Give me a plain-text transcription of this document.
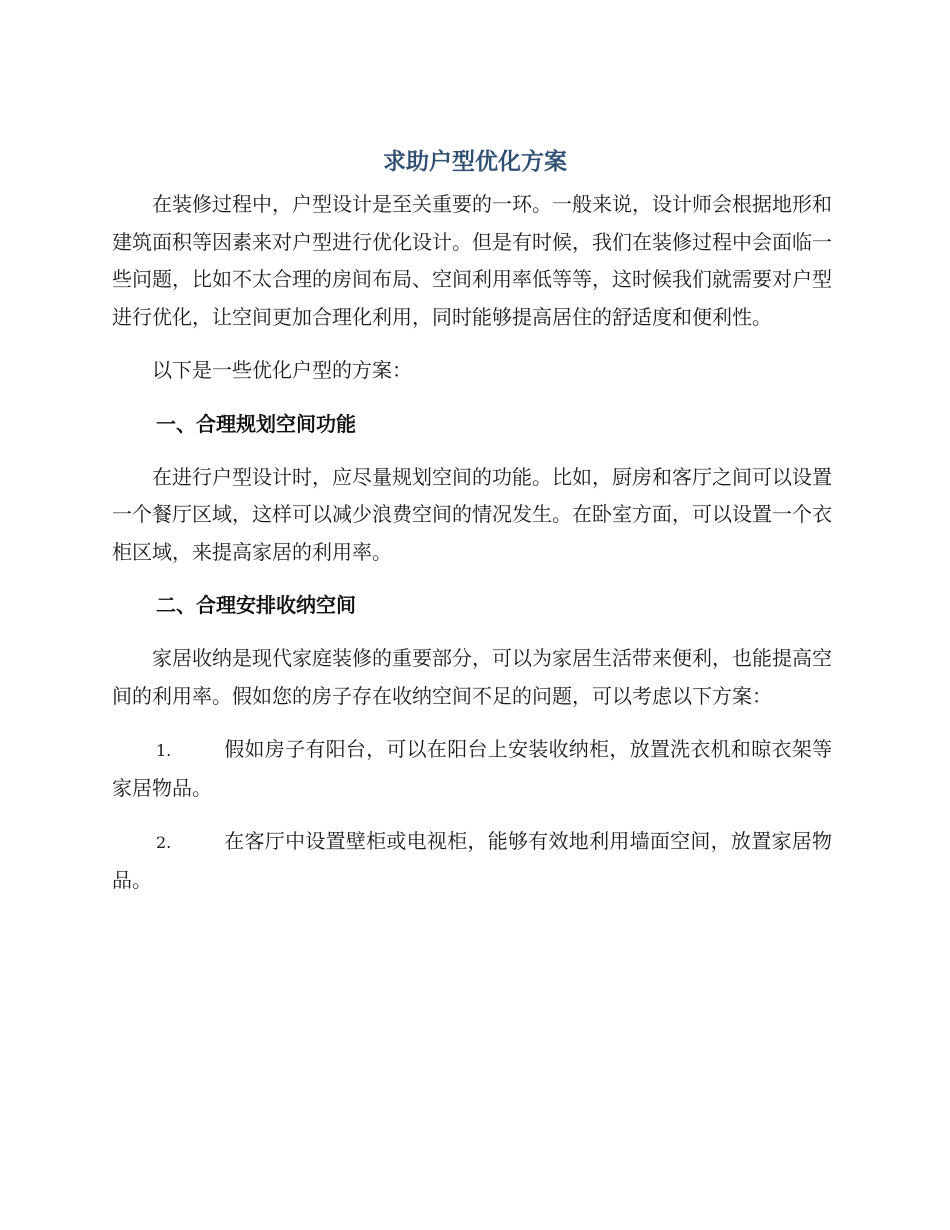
求助户型优化方案

在装修过程中，户型设计是至关重要的一环。一般来说，设计师会根据地形和建筑面积等因素来对户型进行优化设计。但是有时候，我们在装修过程中会面临一些问题，比如不太合理的房间布局、空间利用率低等等，这时候我们就需要对户型进行优化，让空间更加合理化利用，同时能够提高居住的舒适度和便利性。

以下是一些优化户型的方案：

一、合理规划空间功能

在进行户型设计时，应尽量规划空间的功能。比如，厨房和客厅之间可以设置一个餐厅区域，这样可以减少浪费空间的情况发生。在卧室方面，可以设置一个衣柜区域，来提高家居的利用率。

二、合理安排收纳空间

家居收纳是现代家庭装修的重要部分，可以为家居生活带来便利，也能提高空间的利用率。假如您的房子存在收纳空间不足的问题，可以考虑以下方案：

1.	假如房子有阳台，可以在阳台上安装收纳柜，放置洗衣机和晾衣架等家居物品。

2.	在客厅中设置壁柜或电视柜，能够有效地利用墙面空间，放置家居物品。
